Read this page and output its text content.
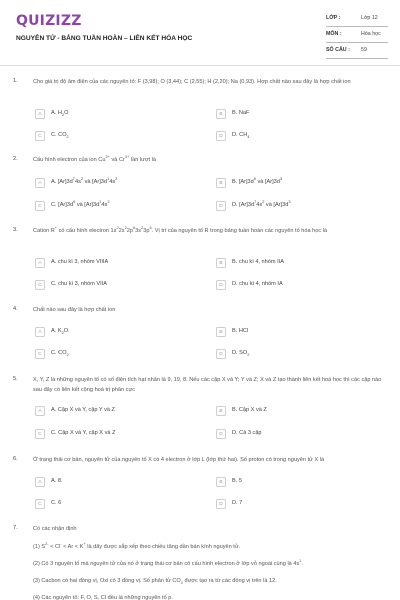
QUIZIZZ
NGUYÊN TỬ - BẢNG TUẦN HOÀN – LIÊN KẾT HÓA HỌC
LỚP :	Lớp 12
MÔN :	Hóa học
SỐ CÂU : 59
1.	Cho giá trị độ âm điện của các nguyên tố: F (3,98); O (3,44); C (2,55); H (2,20); Na (0,93). Hợp chất nào sau đây là hợp chất ion
A	A. $H_2O$	B	B. NaF
C	C. $CO_2$	D	D. $CH_4$
2.	Cấu hình electron của ion $Cu^{2+}$ và $Cr^{3+}$ lần lượt là
A	A. $[Ar]3d^74s^2$ và $[Ar]3d^14s^2$
B	B. $[Ar]3d^9$ và $[Ar]3d^3$
C	C. $[Ar]3d^9$ và $[Ar]3d^14s^2$
D	D. $[Ar]3d^74s^2$ và $[Ar]3d^3$
3.	Cation R+ có cấu hình electron $1s^22s^22p^63s^23p^6$. Vị trí của nguyên tố R trong bảng tuần hoàn các nguyên tố hóa học là
A	A. chu kì 3, nhóm VIIIA	B	B. chu kì 4, nhóm IIA
C	C. chu kì 3, nhóm VIIA	D	D. chu kì 4, nhóm IA
4.	Chất nào sau đây là hợp chất ion
A	A. $K_2O$.	B	B. HCl
C	C. $CO_2$	D	D. $SO_2$
5.	X, Y, Z là những nguyên tố có số điện tích hạt nhân là 9, 19, 8. Nếu các cặp X và Y; Y và Z; X và Z tạo thành liên kết hoá học thì các cặp nào sau đây có liên kết cộng hoá trị phân cực
A	A. Cặp X và Y, cặp Y và Z	B	B. Cặp X và Z
C	C. Cặp X và Y, cặp X và Z	D	D. Cả 3 cặp
6.	Ở trạng thái cơ bản, nguyên tử của nguyên tố X có 4 electron ở lớp L (lớp thứ hai). Số proton có trong nguyên tử X là
A	A. 8.	B	B. 5
C	C. 6	D	D. 7
7.	Có các nhận định
(1) $S^{2-} < Cl^- < Ar < K^+$ là dãy được sắp xếp theo chiều tăng dần bán kính nguyên tử.
(2) Có 3 nguyên tố mà nguyên tử của nó ở trạng thái cơ bản có cấu hình electron ở lớp vỏ ngoài cùng là $4s^1$.
(3) Cacbon có hai đồng vị, Oxi có 3 đồng vị. Số phân tử $CO_2$ được tạo ra từ các đồng vị trên là 12.
(4) Các nguyên tố: F, O, S, Cl đều là những nguyên tố p.
